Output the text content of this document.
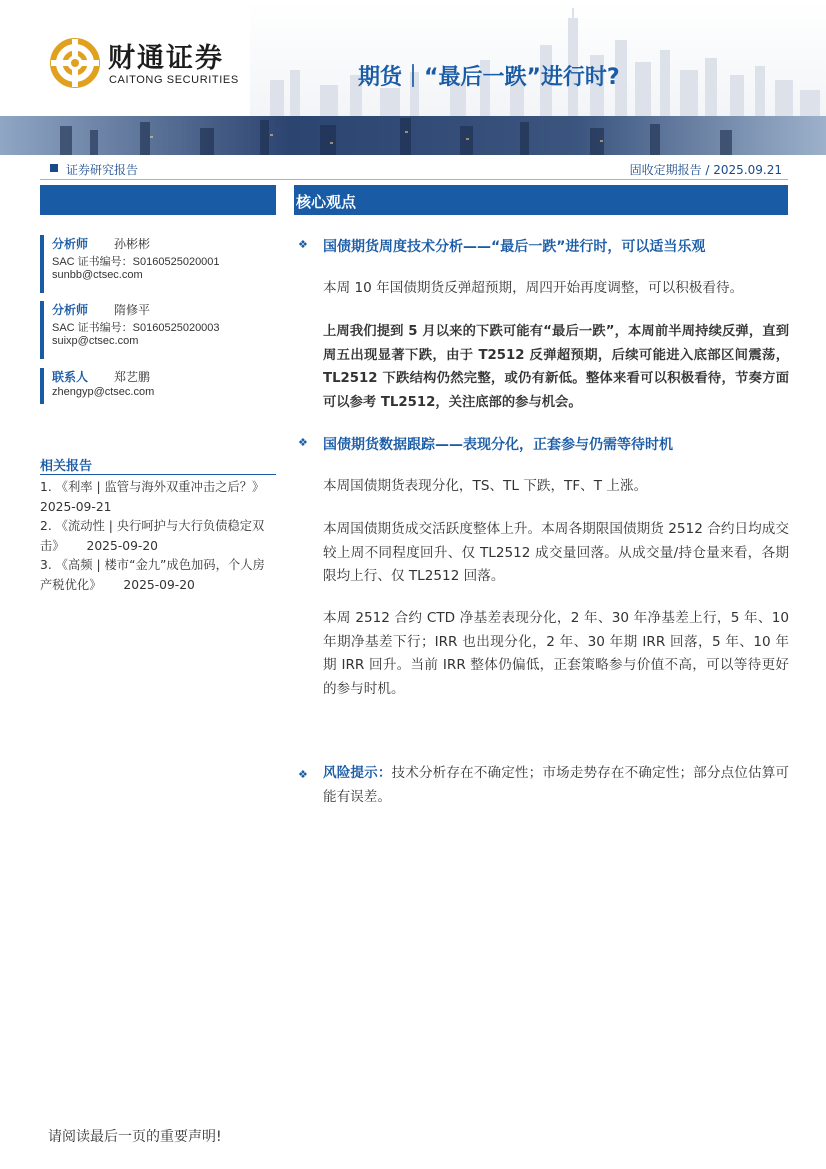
财通证券
CAITONG SECURITIES	期货｜“最后一跌”进行时?
证券研究报告	固收定期报告 / 2025.09.21
分析师 孙彬彬
SAC 证书编号：S0160525020001
sunbb@ctsec.com
分析师 隋修平
SAC 证书编号：S0160525020003
suixp@ctsec.com
联系人 郑艺鹏
zhengyp@ctsec.com
相关报告
1. 《利率 | 监管与海外双重冲击之后？》
2025-09-21
2. 《流动性 | 央行呵护与大行负债稳定双击》 2025-09-20
3. 《高频 | 楼市“金九”成色加码，个人房产税优化》 2025-09-20
核心观点
❖ 国债期货周度技术分析——“最后一跌”进行时，可以适当乐观
本周 10 年国债期货反弹超预期，周四开始再度调整，可以积极看待。
上周我们提到 5 月以来的下跌可能有“最后一跌”，本周前半周持续反弹，直到周五出现显著下跌，由于 T2512 反弹超预期，后续可能进入底部区间震荡，TL2512 下跌结构仍然完整，或仍有新低。整体来看可以积极看待，节奏方面可以参考 TL2512，关注底部的参与机会。
❖ 国债期货数据跟踪——表现分化，正套参与仍需等待时机
本周国债期货表现分化，TS、TL 下跌，TF、T 上涨。
本周国债期货成交活跃度整体上升。本周各期限国债期货 2512 合约日均成交较上周不同程度回升、仅 TL2512 成交量回落。从成交量/持仓量来看，各期限均上行、仅 TL2512 回落。
本周 2512 合约 CTD 净基差表现分化，2 年、30 年净基差上行，5 年、10 年期净基差下行；IRR 也出现分化，2 年、30 年期 IRR 回落，5 年、10 年期 IRR 回升。当前 IRR 整体仍偏低，正套策略参与价值不高，可以等待更好的参与时机。
❖ 风险提示：技术分析存在不确定性；市场走势存在不确定性；部分点位估算可能有误差。
请阅读最后一页的重要声明!
